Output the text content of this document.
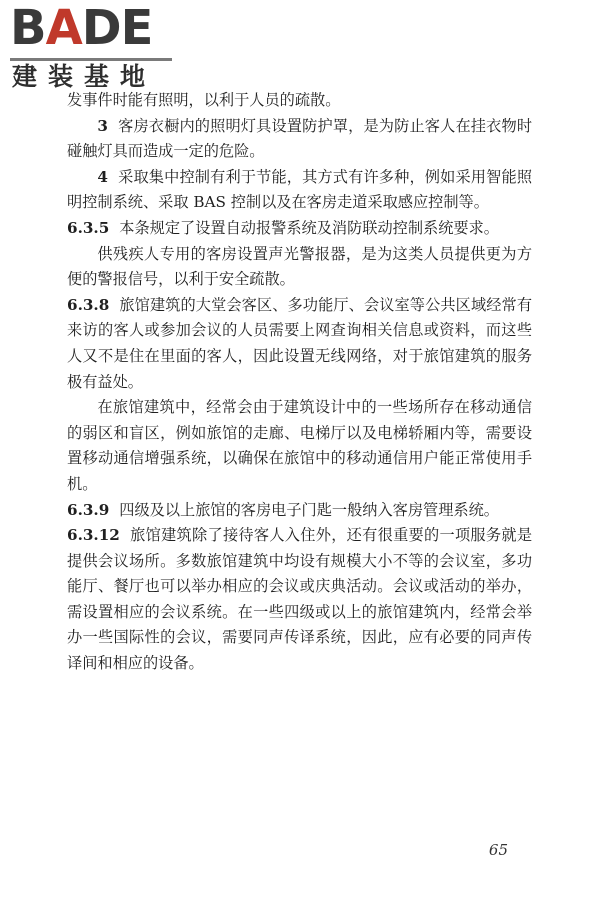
BADE
建装基地

发事件时能有照明，以利于人员的疏散。

3 客房衣橱内的照明灯具设置防护罩，是为防止客人在挂衣物时碰触灯具而造成一定的危险。

4 采取集中控制有利于节能，其方式有许多种，例如采用智能照明控制系统、采取 BAS 控制以及在客房走道采取感应控制等。

6.3.5 本条规定了设置自动报警系统及消防联动控制系统要求。

供残疾人专用的客房设置声光警报器，是为这类人员提供更为方便的警报信号，以利于安全疏散。

6.3.8 旅馆建筑的大堂会客区、多功能厅、会议室等公共区域经常有来访的客人或参加会议的人员需要上网查询相关信息或资料，而这些人又不是住在里面的客人，因此设置无线网络，对于旅馆建筑的服务极有益处。

在旅馆建筑中，经常会由于建筑设计中的一些场所存在移动通信的弱区和盲区，例如旅馆的走廊、电梯厅以及电梯轿厢内等，需要设置移动通信增强系统，以确保在旅馆中的移动通信用户能正常使用手机。

6.3.9 四级及以上旅馆的客房电子门匙一般纳入客房管理系统。

6.3.12 旅馆建筑除了接待客人入住外，还有很重要的一项服务就是提供会议场所。多数旅馆建筑中均设有规模大小不等的会议室，多功能厅、餐厅也可以举办相应的会议或庆典活动。会议或活动的举办，需设置相应的会议系统。在一些四级或以上的旅馆建筑内，经常会举办一些国际性的会议，需要同声传译系统，因此，应有必要的同声传译间和相应的设备。

65
